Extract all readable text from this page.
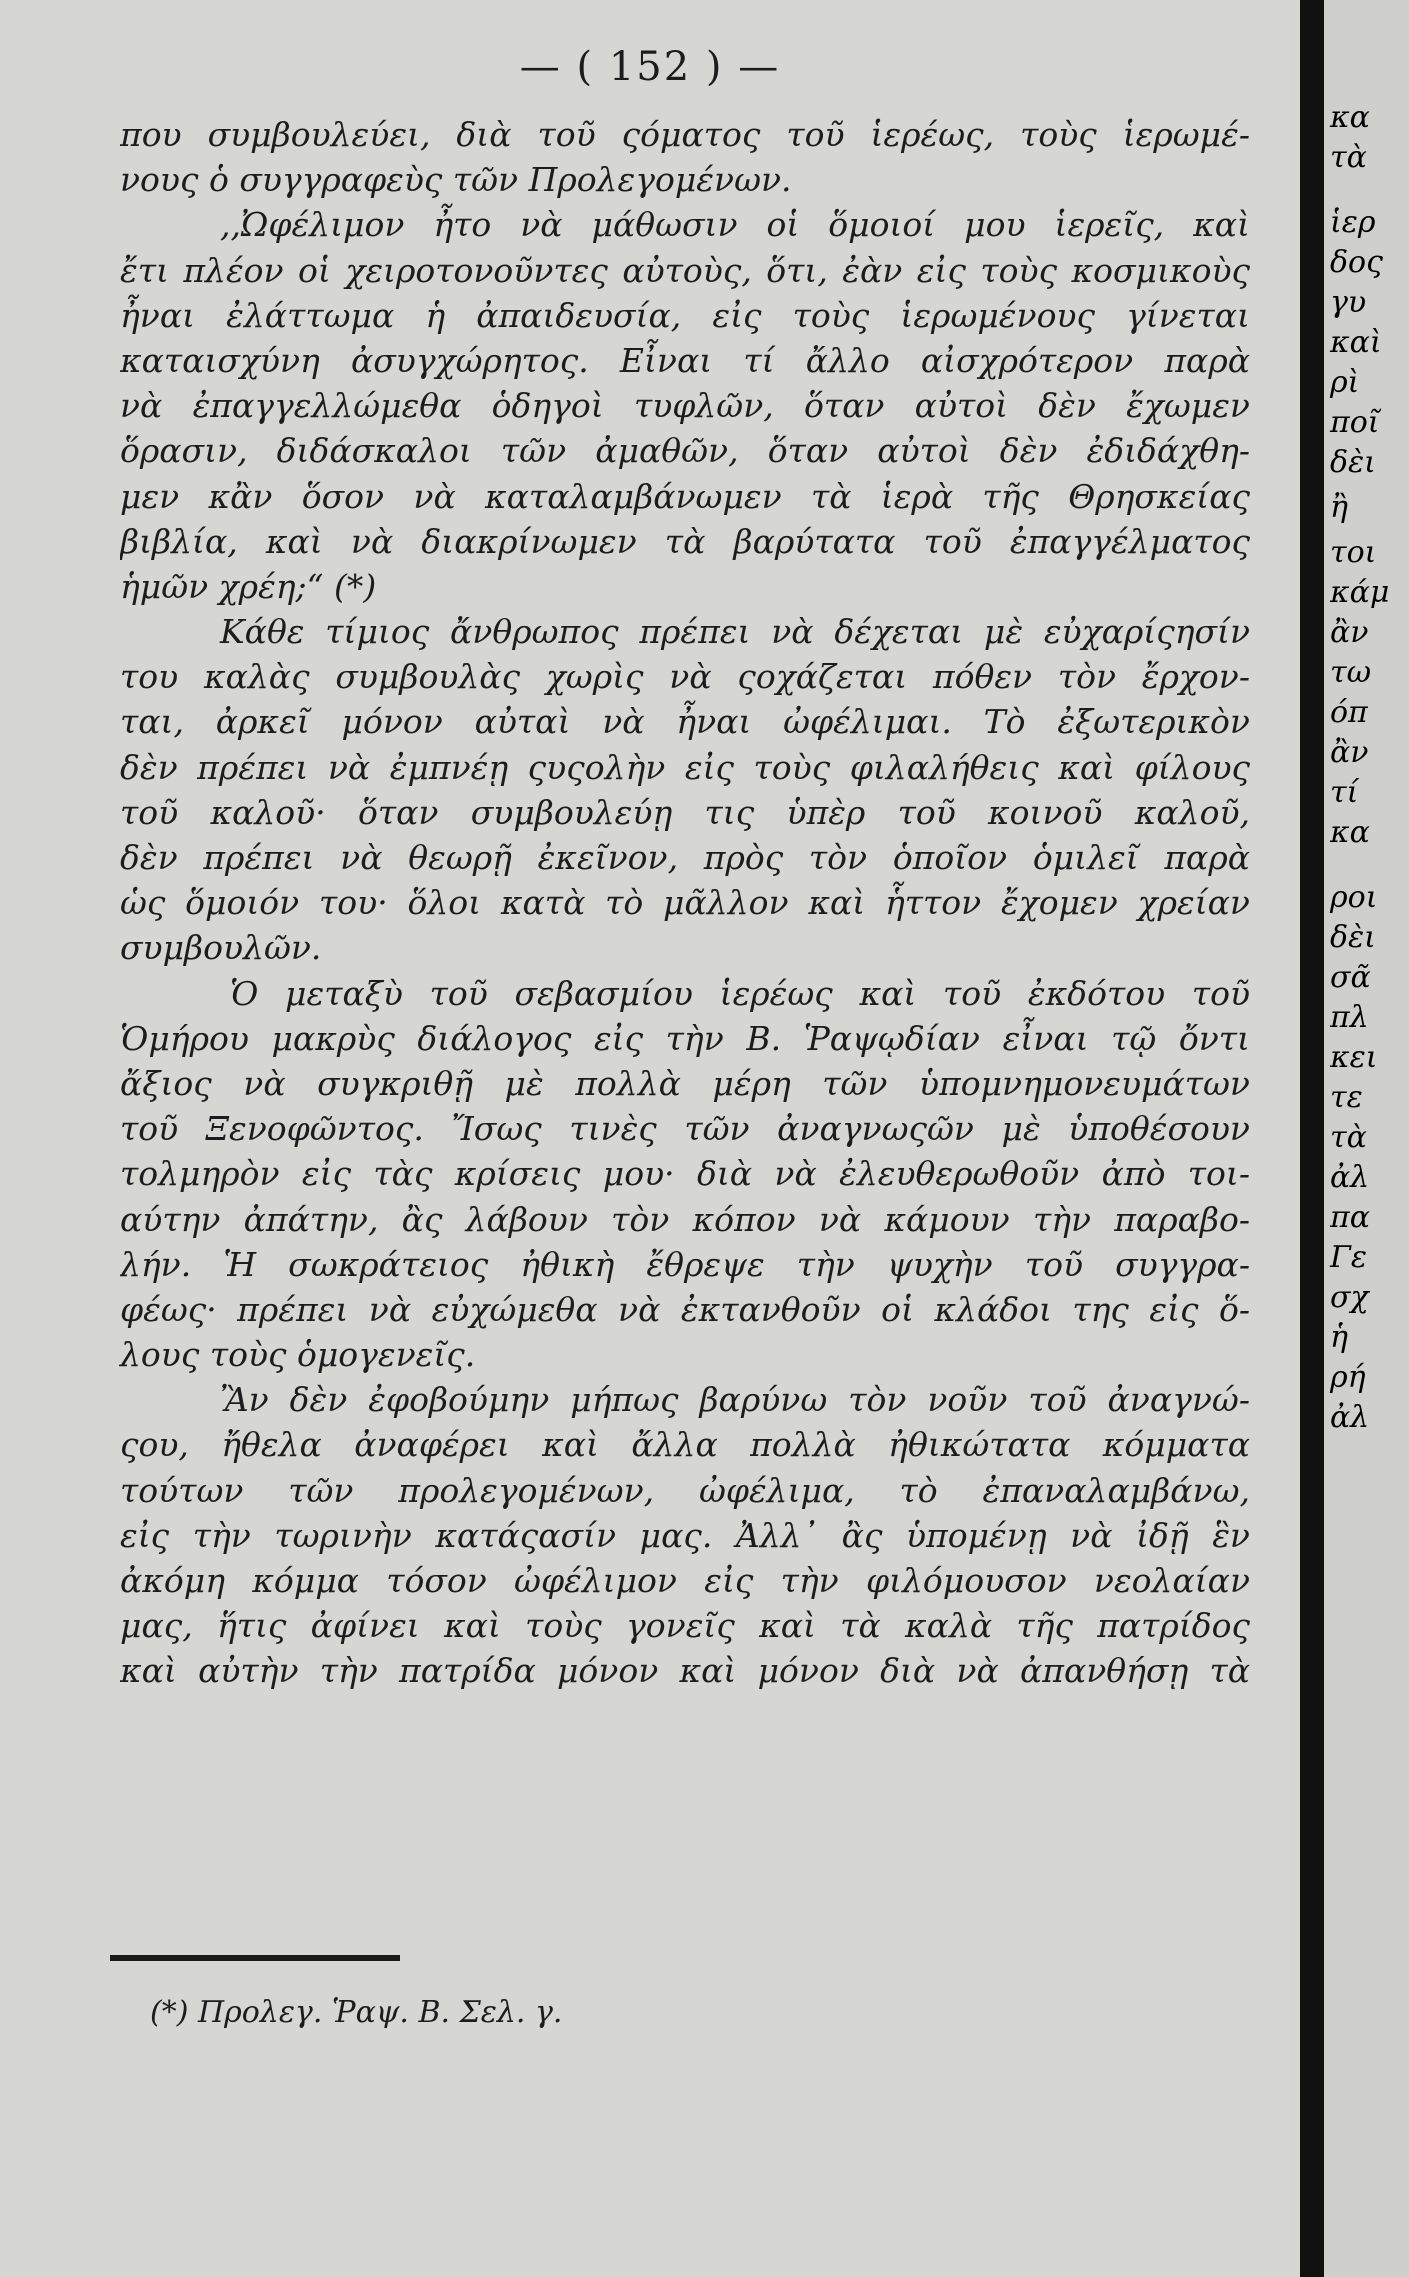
— ( 152 ) —
που συμβουλεύει, διὰ τοῦ ςόματος τοῦ ἱερέως, τοὺς ἱερωμέ-
νους ὁ συγγραφεὺς τῶν Προλεγομένων.
,,Ὠφέλιμον ἦτο νὰ μάθωσιν οἱ ὅμοιοί μου ἱερεῖς, καὶ
ἔτι πλέον οἱ χειροτονοῦντες αὐτοὺς, ὅτι, ἐὰν εἰς τοὺς κοσμικοὺς
ἦναι ἐλάττωμα ἡ ἀπαιδευσία, εἰς τοὺς ἱερωμένους γίνεται
καταισχύνη ἀσυγχώρητος. Εἶναι τί ἄλλο αἰσχρότερον παρὰ
νὰ ἐπαγγελλώμεθα ὁδηγοὶ τυφλῶν, ὅταν αὐτοὶ δὲν ἔχωμεν
ὅρασιν, διδάσκαλοι τῶν ἀμαθῶν, ὅταν αὐτοὶ δὲν ἐδιδάχθη-
μεν κἂν ὅσον νὰ καταλαμβάνωμεν τὰ ἱερὰ τῆς Θρησκείας
βιβλία, καὶ νὰ διακρίνωμεν τὰ βαρύτατα τοῦ ἐπαγγέλματος
ἡμῶν χρέη;“ (*)
Κάθε τίμιος ἄνθρωπος πρέπει νὰ δέχεται μὲ εὐχαρίςησίν
του καλὰς συμβουλὰς χωρὶς νὰ ςοχάζεται πόθεν τὸν ἔρχον-
ται, ἀρκεῖ μόνον αὐταὶ νὰ ἦναι ὠφέλιμαι. Τὸ ἐξωτερικὸν
δὲν πρέπει νὰ ἐμπνέῃ ςυςολὴν εἰς τοὺς φιλαλήθεις καὶ φίλους
τοῦ καλοῦ· ὅταν συμβουλεύῃ τις ὑπὲρ τοῦ κοινοῦ καλοῦ,
δὲν πρέπει νὰ θεωρῇ ἐκεῖνον, πρὸς τὸν ὁποῖον ὁμιλεῖ παρὰ
ὡς ὅμοιόν του· ὅλοι κατὰ τὸ μᾶλλον καὶ ἧττον ἔχομεν χρείαν
συμβουλῶν.
Ὁ μεταξὺ τοῦ σεβασμίου ἱερέως καὶ τοῦ ἐκδότου τοῦ
Ὁμήρου μακρὺς διάλογος εἰς τὴν Β. Ῥαψῳδίαν εἶναι τῷ ὄντι
ἄξιος νὰ συγκριθῇ μὲ πολλὰ μέρη τῶν ὑπομνημονευμάτων
τοῦ Ξενοφῶντος. Ἴσως τινὲς τῶν ἀναγνωςῶν μὲ ὑποθέσουν
τολμηρὸν εἰς τὰς κρίσεις μου· διὰ νὰ ἐλευθερωθοῦν ἀπὸ τοι-
αύτην ἀπάτην, ἂς λάβουν τὸν κόπον νὰ κάμουν τὴν παραβο-
λήν. Ἡ σωκράτειος ἠθικὴ ἔθρεψε τὴν ψυχὴν τοῦ συγγρα-
φέως· πρέπει νὰ εὐχώμεθα νὰ ἐκτανθοῦν οἱ κλάδοι της εἰς ὅ-
λους τοὺς ὁμογενεῖς.
Ἂν δὲν ἐφοβούμην μήπως βαρύνω τὸν νοῦν τοῦ ἀναγνώ-
ςου, ἤθελα ἀναφέρει καὶ ἄλλα πολλὰ ἠθικώτατα κόμματα
τούτων τῶν προλεγομένων, ὠφέλιμα, τὸ ἐπαναλαμβάνω,
εἰς τὴν τωρινὴν κατάςασίν μας. Ἀλλ᾽ ἂς ὑπομένῃ νὰ ἰδῇ ἓν
ἀκόμη κόμμα τόσον ὠφέλιμον εἰς τὴν φιλόμουσον νεολαίαν
μας, ἥτις ἀφίνει καὶ τοὺς γονεῖς καὶ τὰ καλὰ τῆς πατρίδος
καὶ αὐτὴν τὴν πατρίδα μόνον καὶ μόνον διὰ νὰ ἀπανθήσῃ τὰ
(*) Προλεγ. Ῥαψ. Β. Σελ. γ.
κα
τὰ
ἱερ
δος
γυ
καὶ
ρὶ
ποῖ
δὲι
ἢ
τοι
κάμ
ἂν
τω
όπ
ἂν
τί
κα
ροι
δὲι
σᾶ
πλ
κει
τε
τὰ
ἀλ
πα
Γε
σχ
ἡ
ρή
ἀλ
